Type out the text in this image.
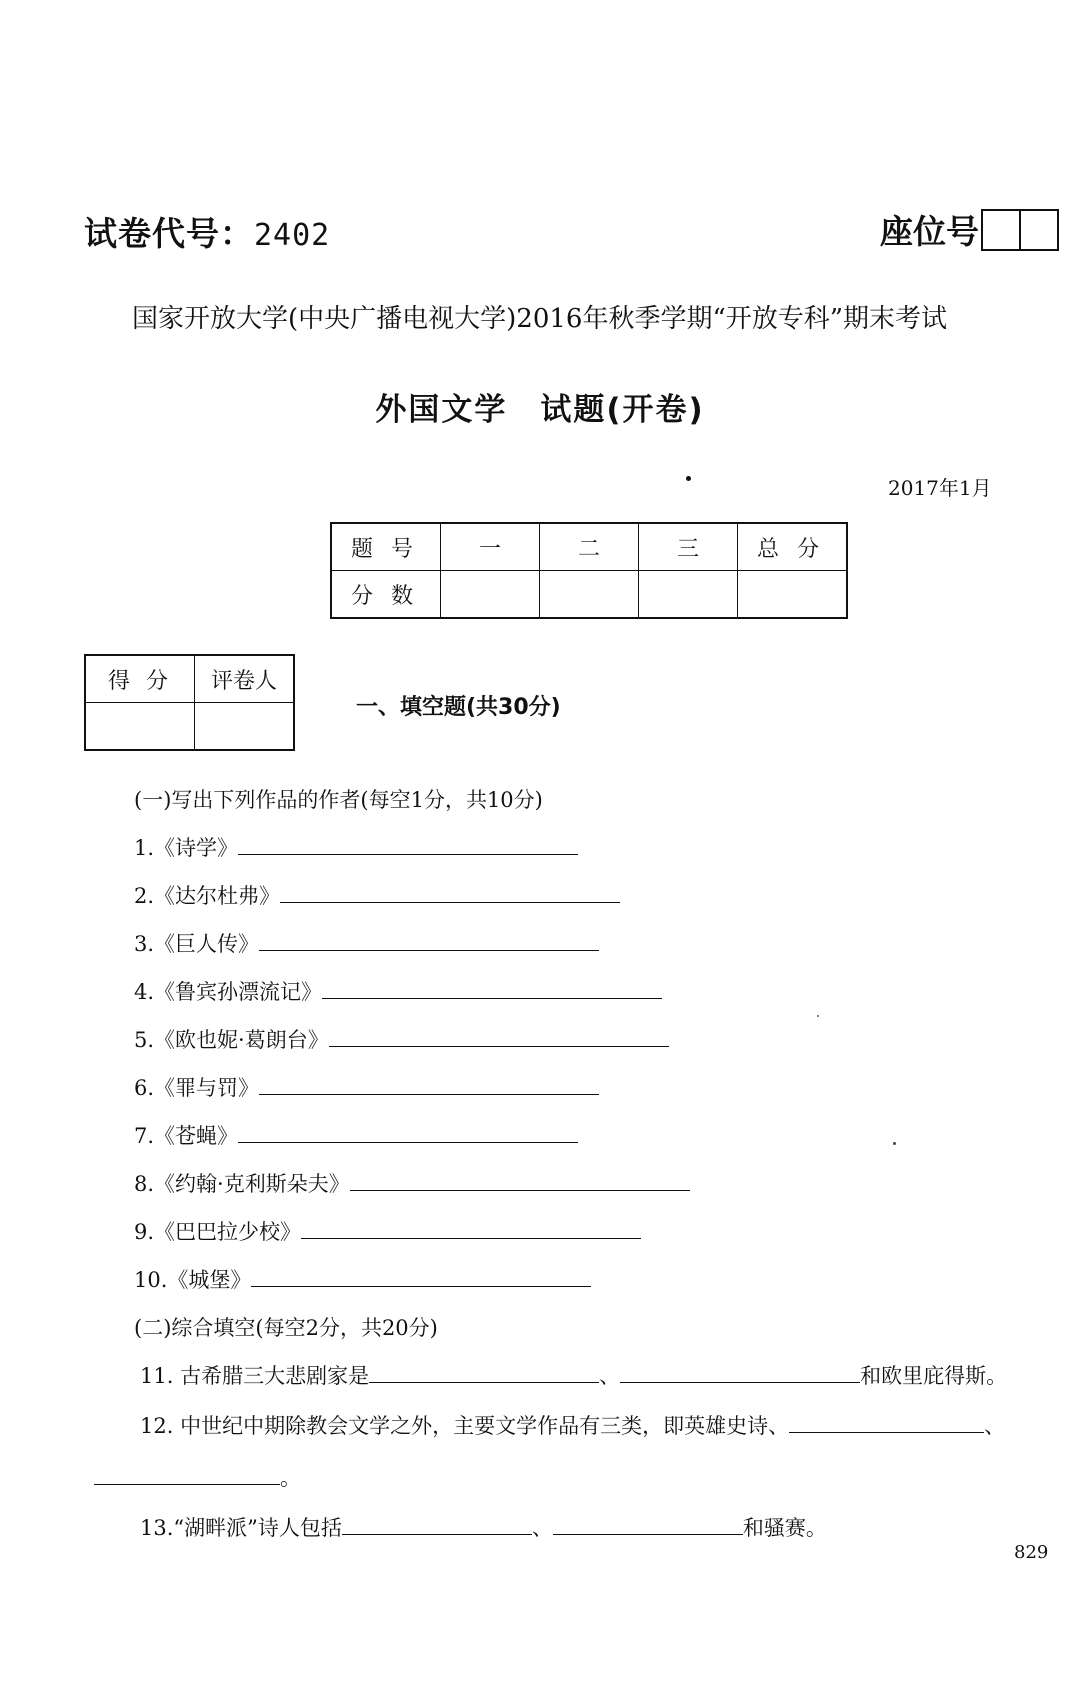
试卷代号：2402	座位号
国家开放大学(中央广播电视大学)2016年秋季学期“开放专科”期末考试
外国文学　试题(开卷)
2017年1月
题号	一	二	三	总分
分数				
得分	评卷人

一、填空题(共30分)
(一)写出下列作品的作者(每空1分，共10分)
1.《诗学》
2.《达尔杜弗》
3.《巨人传》
4.《鲁宾孙漂流记》
5.《欧也妮·葛朗台》
6.《罪与罚》
7.《苍蝇》
8.《约翰·克利斯朵夫》
9.《巴巴拉少校》
10.《城堡》
(二)综合填空(每空2分，共20分)
11. 古希腊三大悲剧家是	、	和欧里庇得斯。
12. 中世纪中期除教会文学之外，主要文学作品有三类，即英雄史诗、	、
。
13.“湖畔派”诗人包括	、	和骚赛。
829
